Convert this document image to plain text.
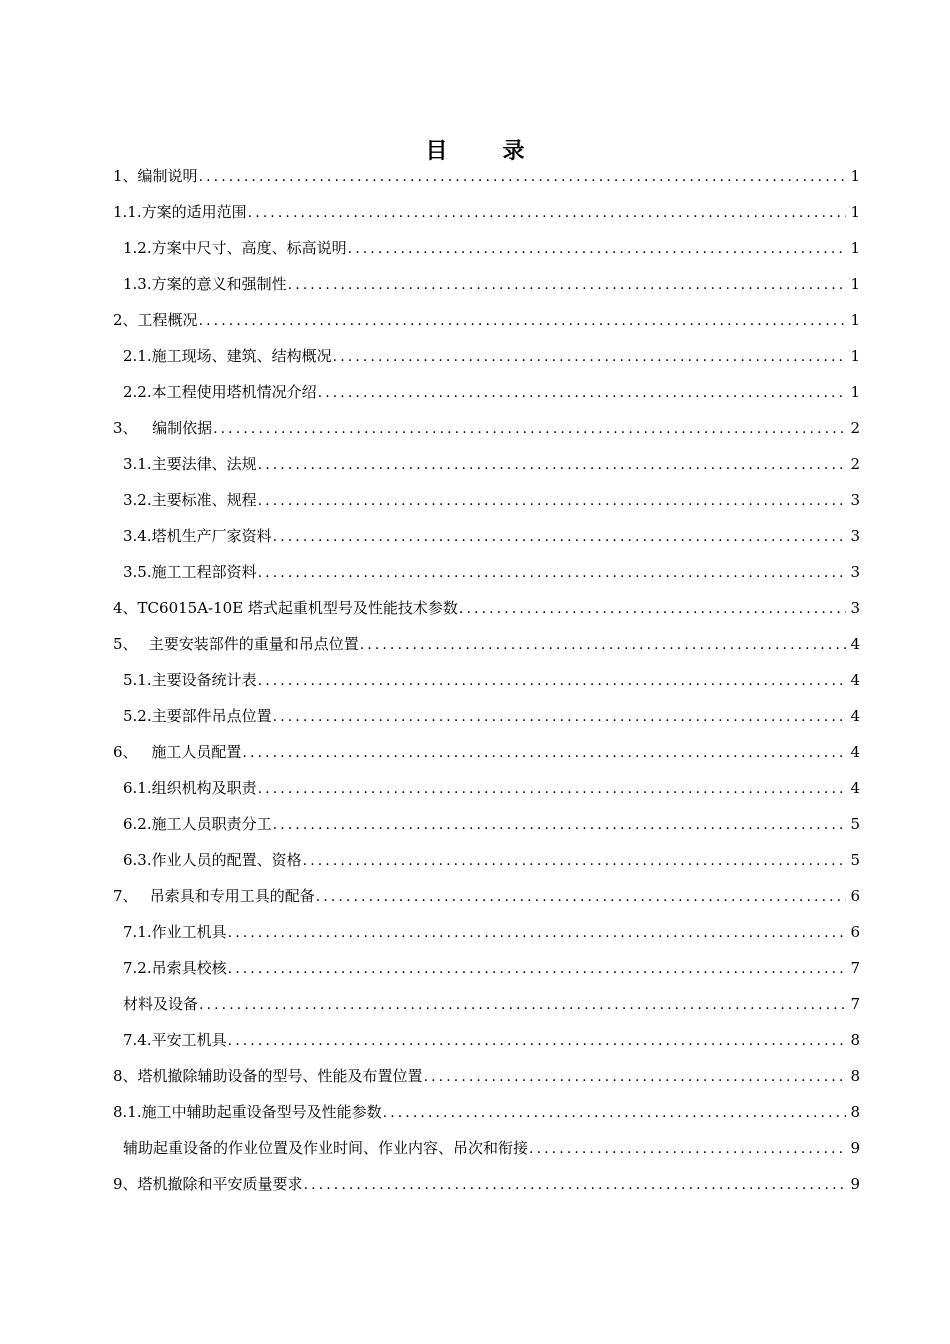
目	录
1、 编制说明 .....	1
1.1. 方案的适用范围 .....	1
1.2. 方案中尺寸、高度、标高说明 .....	1
1.3. 方案的意义和强制性 .....	1
2、 工程概况 .....	1
2.1. 施工现场、建筑、结构概况 .....	1
2.2. 本工程使用塔机情况介绍 .....	1
3、 编制依据 .....	2
3.1. 主要法律、法规 .....	2
3.2. 主要标准、规程 .....	3
3.4. 塔机生产厂家资料 .....	3
3.5. 施工工程部资料 .....	3
4、 TC6015A-10E 塔式起重机型号及性能技术参数 .....	3
5、 主要安装部件的重量和吊点位置 .....	4
5.1. 主要设备统计表 .....	4
5.2. 主要部件吊点位置 .....	4
6、 施工人员配置 .....	4
6.1. 组织机构及职责 .....	4
6.2. 施工人员职责分工 .....	5
6.3. 作业人员的配置、资格 .....	5
7、 吊索具和专用工具的配备 .....	6
7.1. 作业工机具 .....	6
7.2. 吊索具校核 .....	7
材料及设备 .....	7
7.4. 平安工机具 .....	8
8、 塔机撤除辅助设备的型号、性能及布置位置 .....	8
8.1. 施工中辅助起重设备型号及性能参数 .....	8
辅助起重设备的作业位置及作业时间、作业内容、吊次和衔接 .....	9
9、 塔机撤除和平安质量要求 .....	9
